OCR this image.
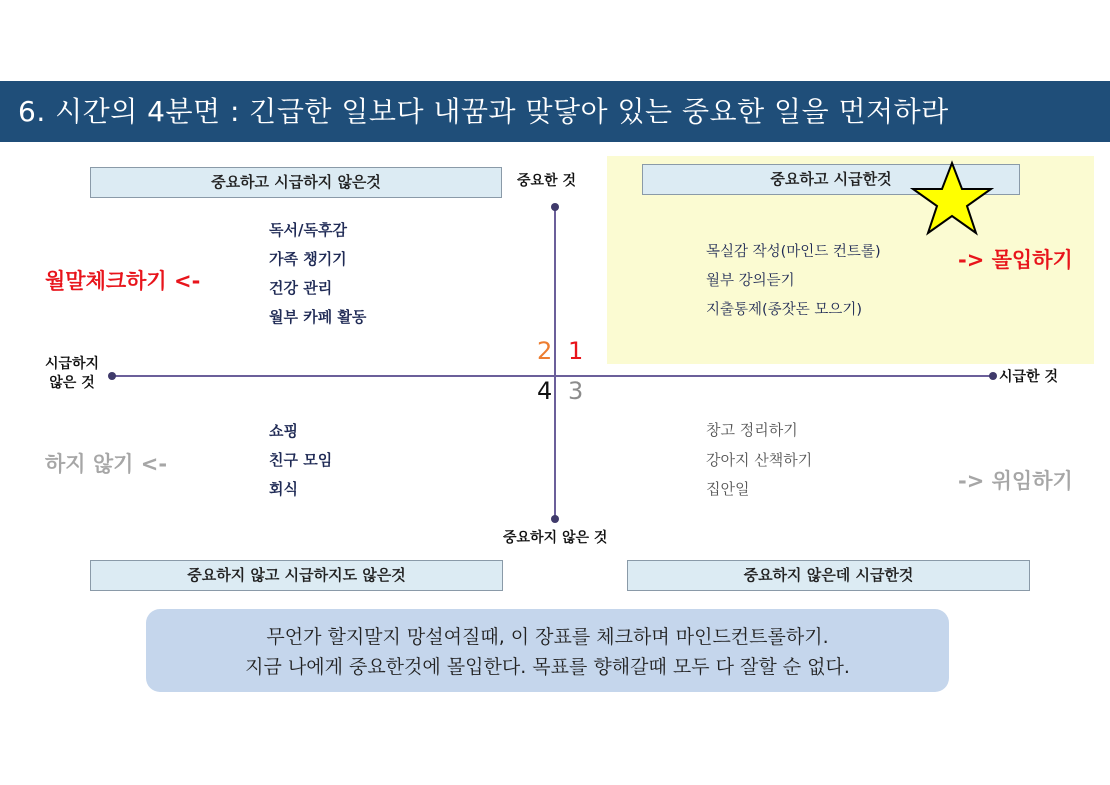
6. 시간의 4분면 : 긴급한 일보다 내꿈과 맞닿아 있는 중요한 일을 먼저하라
중요하고 시급하지 않은것	중요하고 시급한것
중요하지 않고 시급하지도 않은것	중요하지 않은데 시급한것
중요한 것
중요하지 않은 것
시급하지
않은 것	시급한 것
2 1
4 3
독서/독후감
가족 챙기기
건강 관리
월부 카페 활동
목실감 작성(마인드 컨트롤)
월부 강의듣기
지출통제(종잣돈 모으기)
쇼핑
친구 모임
회식
창고 정리하기
강아지 산책하기
집안일
월말체크하기 <-
-> 몰입하기
하지 않기 <-
-> 위임하기
무언가 할지말지 망설여질때, 이 장표를 체크하며 마인드컨트롤하기.
지금 나에게 중요한것에 몰입한다. 목표를 향해갈때 모두 다 잘할 순 없다.
